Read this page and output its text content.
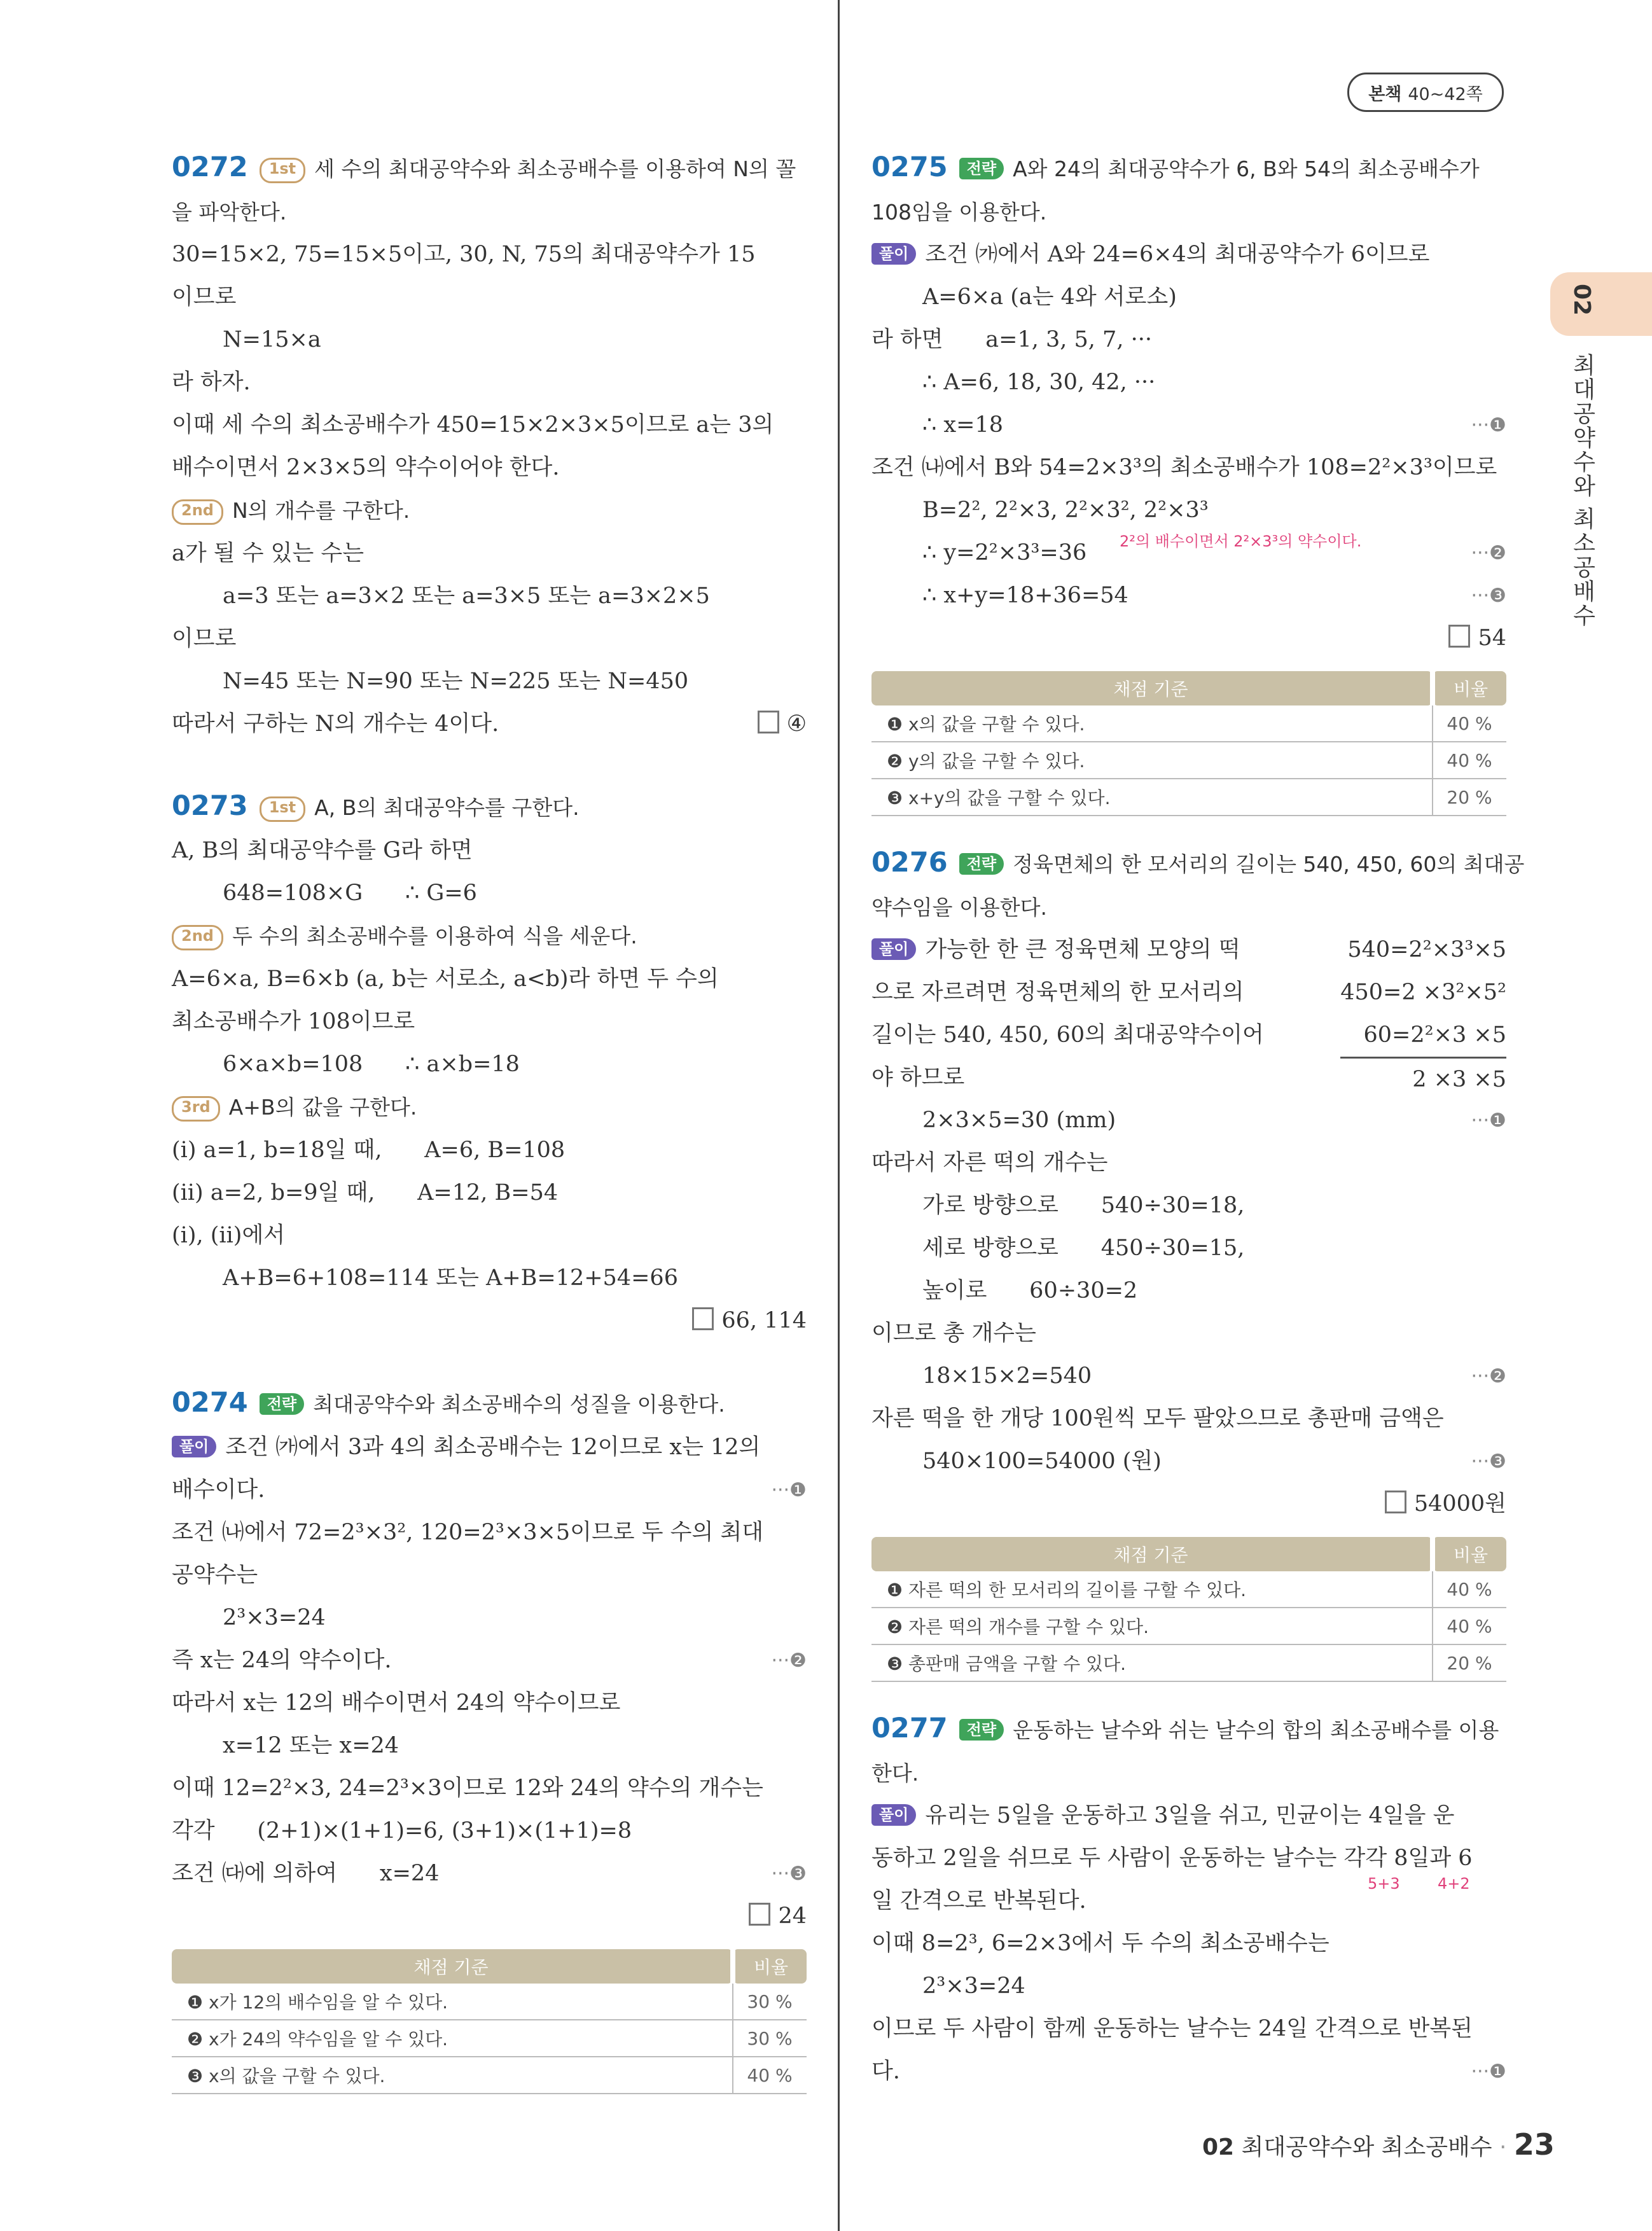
본책 40~42쪽
02
최대공약수와 최소공배수
0272 1st 세 수의 최대공약수와 최소공배수를 이용하여 N의 꼴
을 파악한다.
30=15×2, 75=15×5이고, 30, N, 75의 최대공약수가 15
이므로
N=15×a
라 하자.
이때 세 수의 최소공배수가 450=15×2×3×5이므로 a는 3의
배수이면서 2×3×5의 약수이어야 한다.
2nd N의 개수를 구한다.
a가 될 수 있는 수는
a=3 또는 a=3×2 또는 a=3×5 또는 a=3×2×5
이므로
N=45 또는 N=90 또는 N=225 또는 N=450
따라서 구하는 N의 개수는 4이다.	④
0273 1st A, B의 최대공약수를 구한다.
A, B의 최대공약수를 G라 하면
648=108×G      ∴ G=6
2nd 두 수의 최소공배수를 이용하여 식을 세운다.
A=6×a, B=6×b (a, b는 서로소, a<b)라 하면 두 수의
최소공배수가 108이므로
6×a×b=108      ∴ a×b=18
3rd A+B의 값을 구한다.
(ⅰ) a=1, b=18일 때,      A=6, B=108
(ⅱ) a=2, b=9일 때,      A=12, B=54
(ⅰ), (ⅱ)에서
A+B=6+108=114 또는 A+B=12+54=66
66, 114
0274 전략 최대공약수와 최소공배수의 성질을 이용한다.
풀이 조건 ㈎에서 3과 4의 최소공배수는 12이므로 x는 12의
배수이다.	···❶
조건 ㈏에서 72=2³×3², 120=2³×3×5이므로 두 수의 최대
공약수는
2³×3=24
즉 x는 24의 약수이다.	···❷
따라서 x는 12의 배수이면서 24의 약수이므로
x=12 또는 x=24
이때 12=2²×3, 24=2³×3이므로 12와 24의 약수의 개수는
각각      (2+1)×(1+1)=6, (3+1)×(1+1)=8
조건 ㈐에 의하여      x=24	···❸
24
채점 기준	비율
❶ x가 12의 배수임을 알 수 있다.	30 %
❷ x가 24의 약수임을 알 수 있다.	30 %
❸ x의 값을 구할 수 있다.	40 %
0275 전략 A와 24의 최대공약수가 6, B와 54의 최소공배수가
108임을 이용한다.
풀이 조건 ㈎에서 A와 24=6×4의 최대공약수가 6이므로
A=6×a (a는 4와 서로소)
라 하면      a=1, 3, 5, 7, ···
∴ A=6, 18, 30, 42, ···
∴ x=18	···❶
조건 ㈏에서 B와 54=2×3³의 최소공배수가 108=2²×3³이므로
B=2², 2²×3, 2²×3², 2²×3³
∴ y=2²×3³=36 2²의 배수이면서 2²×3³의 약수이다.
···❷
∴ x+y=18+36=54	···❸
54
채점 기준	비율
❶ x의 값을 구할 수 있다.	40 %
❷ y의 값을 구할 수 있다.	40 %
❸ x+y의 값을 구할 수 있다.	20 %
0276 전략 정육면체의 한 모서리의 길이는 540, 450, 60의 최대공
약수임을 이용한다.
풀이 가능한 한 큰 정육면체 모양의 떡
으로 자르려면 정육면체의 한 모서리의
길이는 540, 450, 60의 최대공약수이어
야 하므로
540=2²×3³×5
450=2 ×3²×5²
60=2²×3 ×5
2 ×3 ×5
2×3×5=30 (mm)	···❶
따라서 자른 떡의 개수는
가로 방향으로      540÷30=18,
세로 방향으로      450÷30=15,
높이로      60÷30=2
이므로 총 개수는
18×15×2=540	···❷
자른 떡을 한 개당 100원씩 모두 팔았으므로 총판매 금액은
540×100=54000 (원)	···❸
54000원
채점 기준	비율
❶ 자른 떡의 한 모서리의 길이를 구할 수 있다.	40 %
❷ 자른 떡의 개수를 구할 수 있다.	40 %
❸ 총판매 금액을 구할 수 있다.	20 %
0277 전략 운동하는 날수와 쉬는 날수의 합의 최소공배수를 이용
한다.
풀이 유리는 5일을 운동하고 3일을 쉬고, 민균이는 4일을 운
동하고 2일을 쉬므로 두 사람이 운동하는 날수는 각각 8일과 6
5+3 4+2
일 간격으로 반복된다.
이때 8=2³, 6=2×3에서 두 수의 최소공배수는
2³×3=24
이므로 두 사람이 함께 운동하는 날수는 24일 간격으로 반복된
다.	···❶
02 최대공약수와 최소공배수 · 23
